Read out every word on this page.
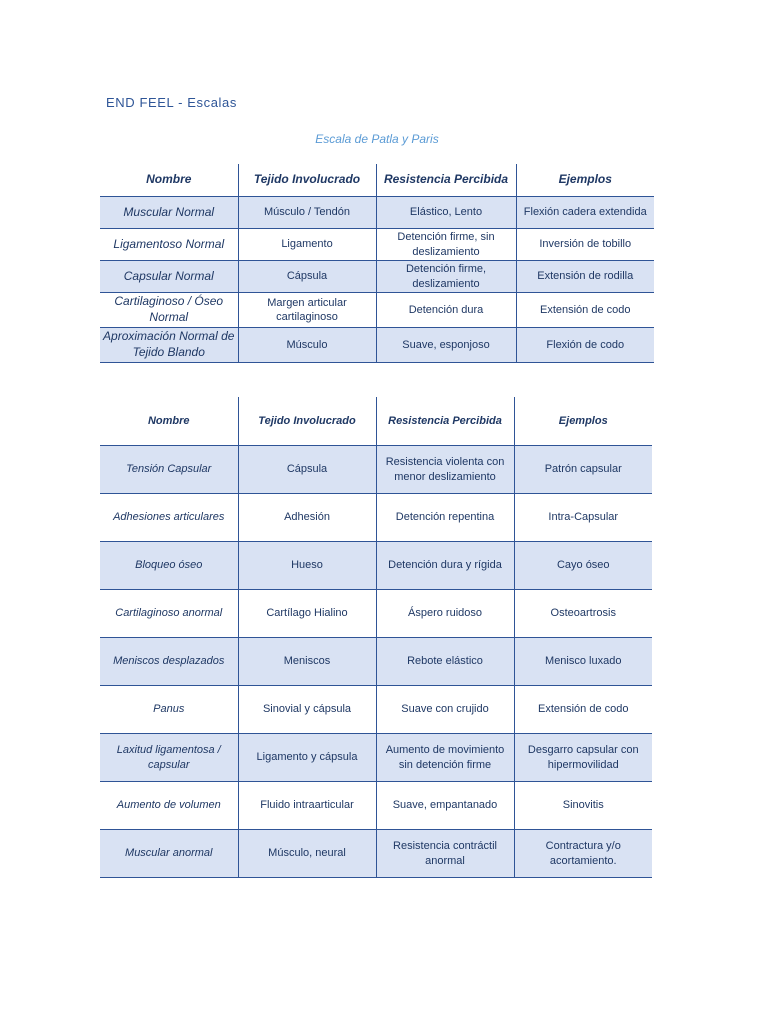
END FEEL - Escalas
Escala de Patla y Paris
Nombre	Tejido Involucrado	Resistencia Percibida	Ejemplos
Muscular Normal	Músculo / Tendón	Elástico, Lento	Flexión cadera extendida
Ligamentoso Normal	Ligamento	Detención firme, sin deslizamiento	Inversión de tobillo
Capsular Normal	Cápsula	Detención firme, deslizamiento	Extensión de rodilla
Cartilaginoso / Óseo Normal	Margen articular cartilaginoso	Detención dura	Extensión de codo
Aproximación Normal de Tejido Blando	Músculo	Suave, esponjoso	Flexión de codo
Nombre	Tejido Involucrado	Resistencia Percibida	Ejemplos
Tensión Capsular	Cápsula	Resistencia violenta con menor deslizamiento	Patrón capsular
Adhesiones articulares	Adhesión	Detención repentina	Intra-Capsular
Bloqueo óseo	Hueso	Detención dura y rígida	Cayo óseo
Cartilaginoso anormal	Cartílago Hialino	Áspero ruidoso	Osteoartrosis
Meniscos desplazados	Meniscos	Rebote elástico	Menisco luxado
Panus	Sinovial y cápsula	Suave con crujido	Extensión de codo
Laxitud ligamentosa / capsular	Ligamento y cápsula	Aumento de movimiento sin detención firme	Desgarro capsular con hipermovilidad
Aumento de volumen	Fluido intraarticular	Suave, empantanado	Sinovitis
Muscular anormal	Músculo, neural	Resistencia contráctil anormal	Contractura y/o acortamiento.
